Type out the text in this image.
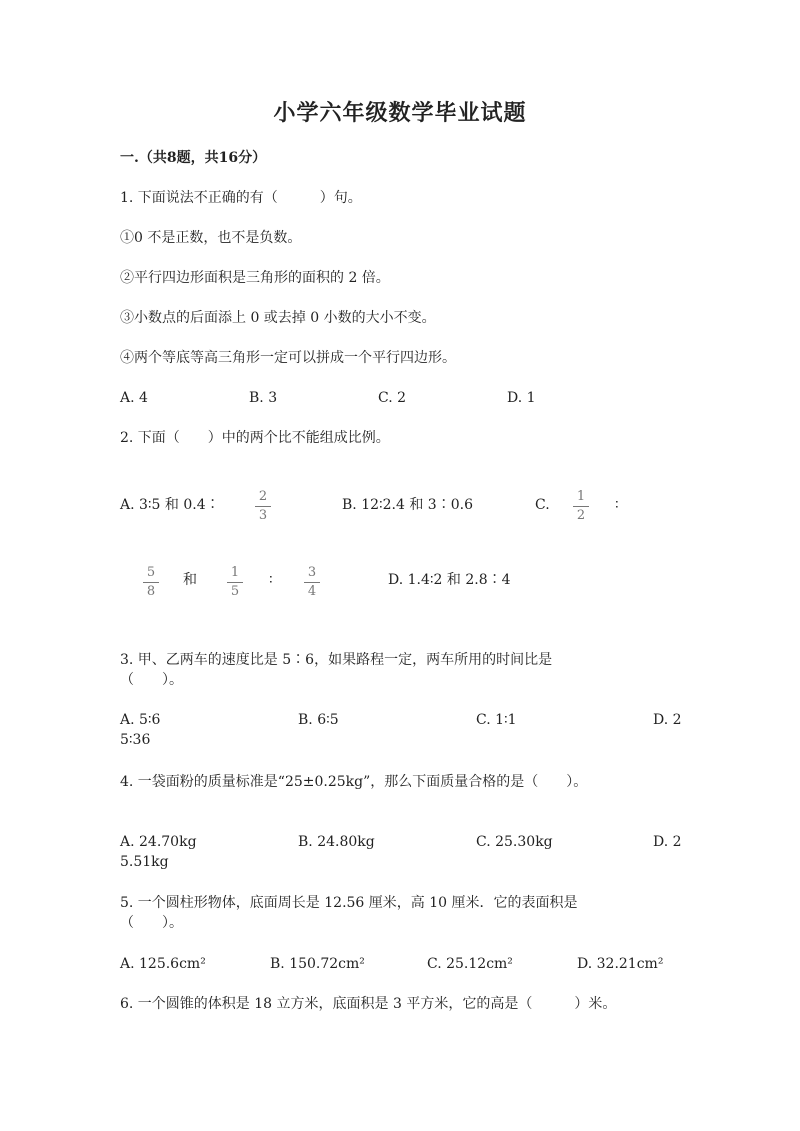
小学六年级数学毕业试题
一.（共8题，共16分）
1. 下面说法不正确的有（　　　）句。
①0 不是正数，也不是负数。
②平行四边形面积是三角形的面积的 2 倍。
③小数点的后面添上 0 或去掉 0 小数的大小不变。
④两个等底等高三角形一定可以拼成一个平行四边形。
A. 4	B. 3	C. 2	D. 1
2. 下面（　　）中的两个比不能组成比例。
A. 3∶5 和 0.4∶
2
3
B. 12∶2.4 和 3∶0.6	C.
1
2
∶
5
8
和	1
5
∶	3
4
D. 1.4∶2 和 2.8∶4
3. 甲、乙两车的速度比是 5∶6，如果路程一定，两车所用的时间比是
（　　）。
A. 5∶6	B. 6∶5	C. 1∶1	D. 2
5∶36
4. 一袋面粉的质量标准是“25±0.25kg”，那么下面质量合格的是（　　）。
A. 24.70kg	B. 24.80kg	C. 25.30kg	D. 2
5.51kg
5. 一个圆柱形物体，底面周长是 12.56 厘米，高 10 厘米．它的表面积是
（　　）。
A. 125.6cm²	B. 150.72cm²	C. 25.12cm²	D. 32.21cm²
6. 一个圆锥的体积是 18 立方米，底面积是 3 平方米，它的高是（　　　）米。
